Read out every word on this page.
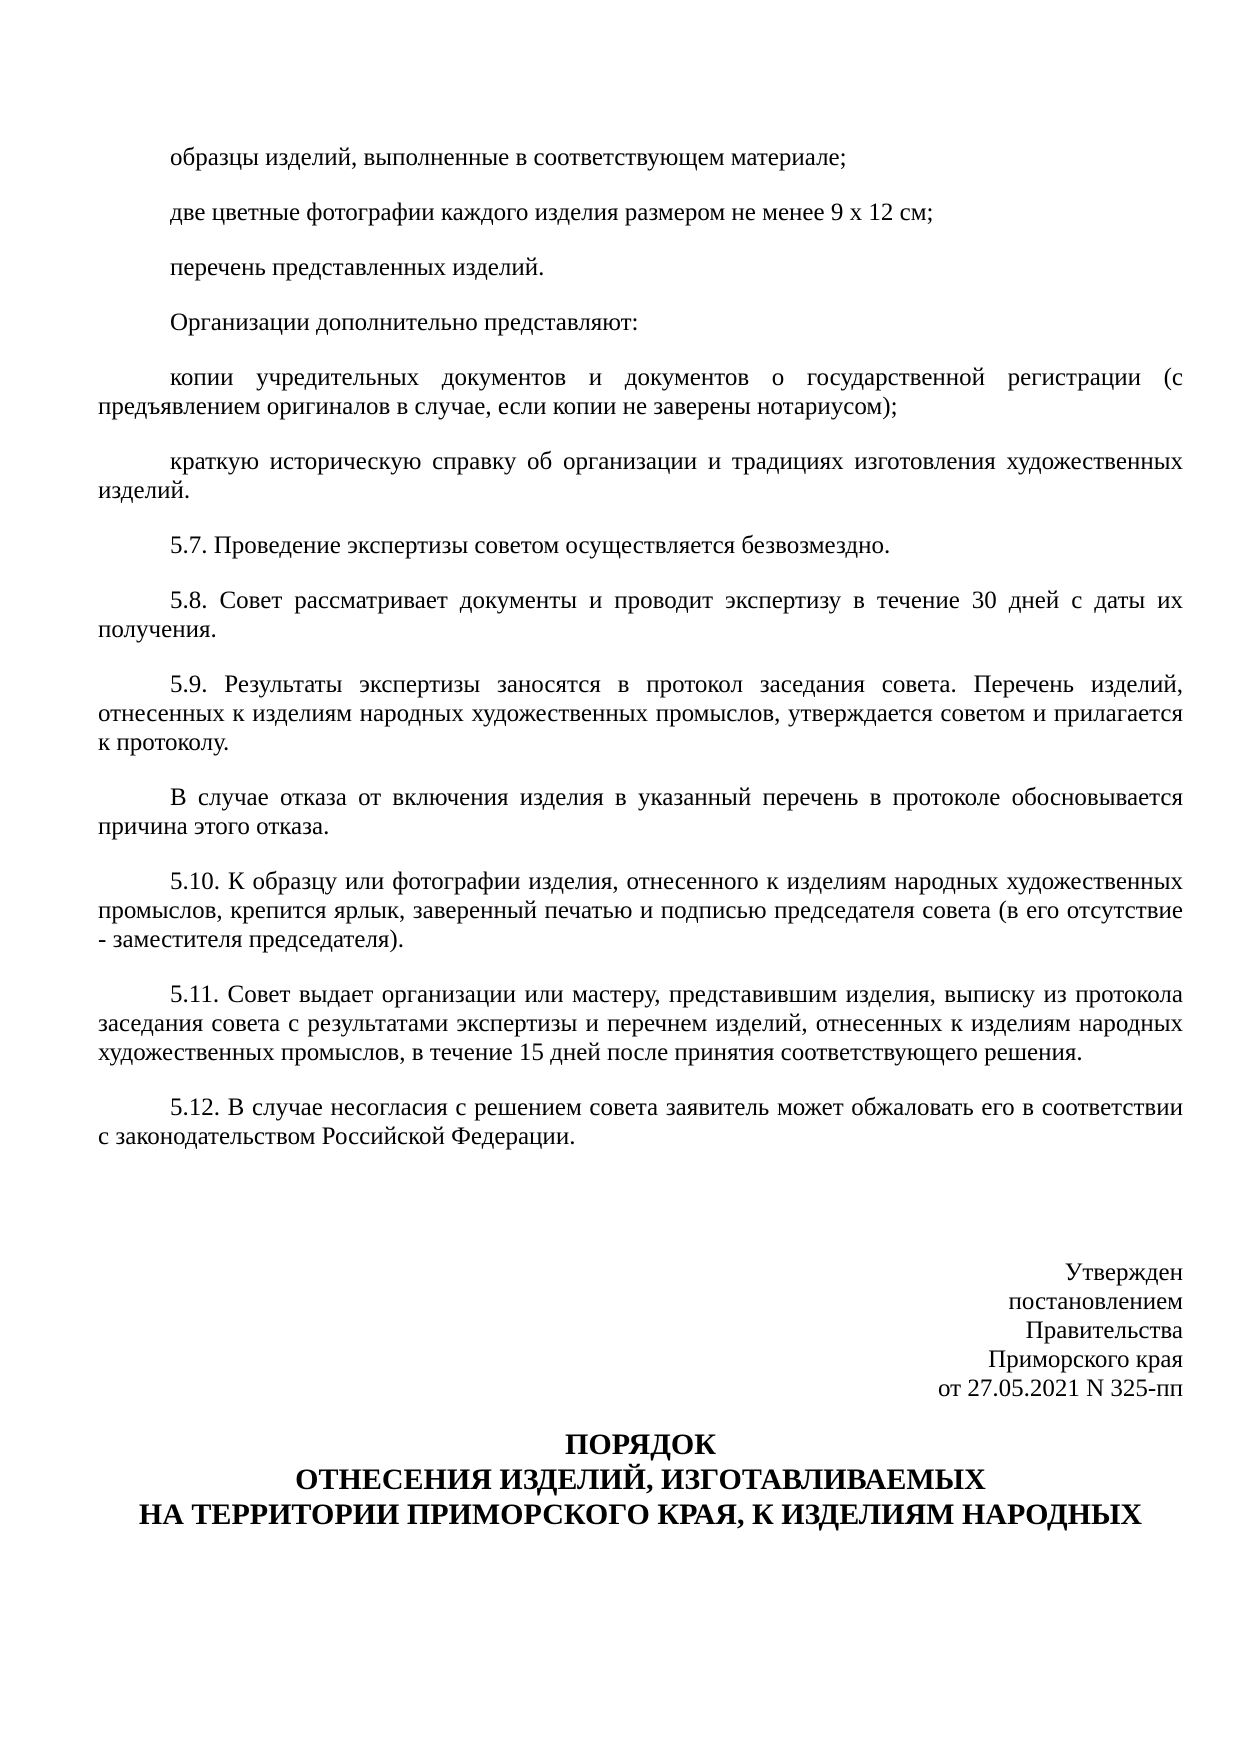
образцы изделий, выполненные в соответствующем материале;

две цветные фотографии каждого изделия размером не менее 9 x 12 см;

перечень представленных изделий.

Организации дополнительно представляют:

копии учредительных документов и документов о государственной регистрации (с предъявлением оригиналов в случае, если копии не заверены нотариусом);

краткую историческую справку об организации и традициях изготовления художественных изделий.

5.7. Проведение экспертизы советом осуществляется безвозмездно.

5.8. Совет рассматривает документы и проводит экспертизу в течение 30 дней с даты их получения.

5.9. Результаты экспертизы заносятся в протокол заседания совета. Перечень изделий, отнесенных к изделиям народных художественных промыслов, утверждается советом и прилагается к протоколу.

В случае отказа от включения изделия в указанный перечень в протоколе обосновывается причина этого отказа.

5.10. К образцу или фотографии изделия, отнесенного к изделиям народных художественных промыслов, крепится ярлык, заверенный печатью и подписью председателя совета (в его отсутствие - заместителя председателя).

5.11. Совет выдает организации или мастеру, представившим изделия, выписку из протокола заседания совета с результатами экспертизы и перечнем изделий, отнесенных к изделиям народных художественных промыслов, в течение 15 дней после принятия соответствующего решения.

5.12. В случае несогласия с решением совета заявитель может обжаловать его в соответствии с законодательством Российской Федерации.

Утвержден
постановлением
Правительства
Приморского края
от 27.05.2021 N 325-пп
ПОРЯДОК
ОТНЕСЕНИЯ ИЗДЕЛИЙ, ИЗГОТАВЛИВАЕМЫХ
НА ТЕРРИТОРИИ ПРИМОРСКОГО КРАЯ, К ИЗДЕЛИЯМ НАРОДНЫХ
